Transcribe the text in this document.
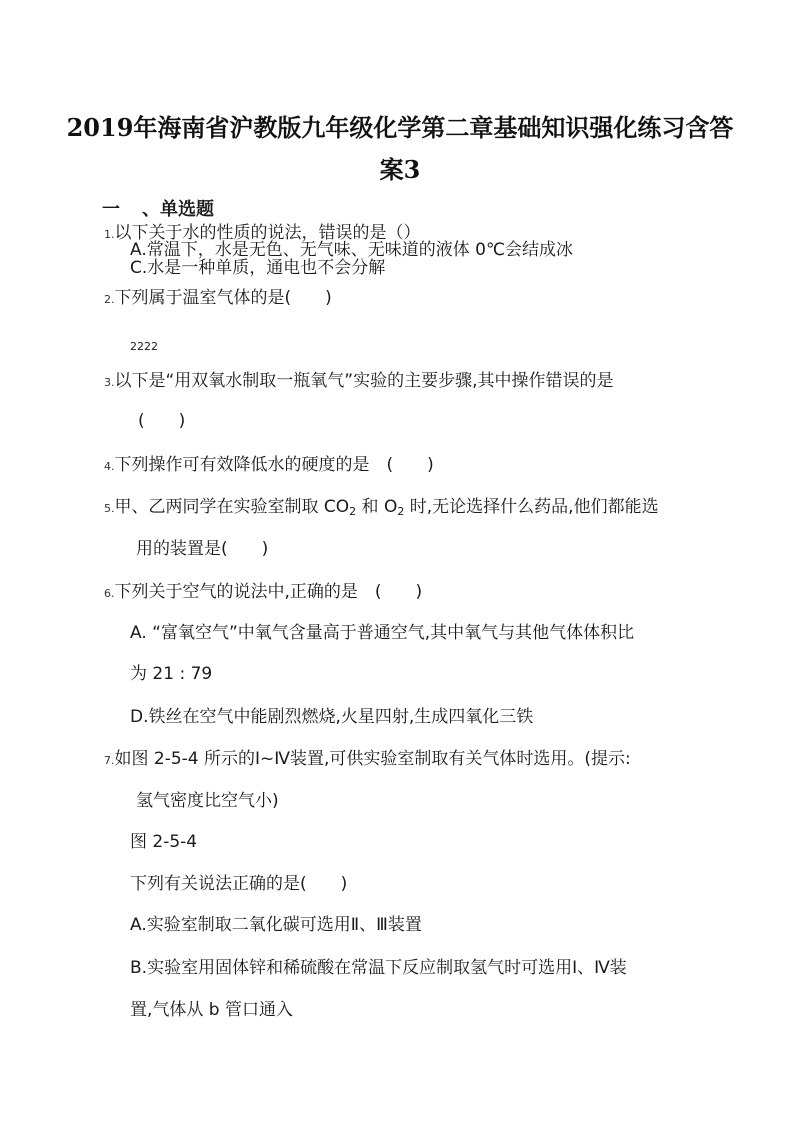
2019年海南省沪教版九年级化学第二章基础知识强化练习含答
案3
一 、单选题
1.以下关于水的性质的说法，错误的是（）
A.常温下，水是无色、无气味、无味道的液体 0℃会结成冰
C.水是一种单质，通电也不会分解
2.下列属于温室气体的是(　　)
2222
3.以下是“用双氧水制取一瓶氧气”实验的主要步骤,其中操作错误的是
(　　)
4.下列操作可有效降低水的硬度的是　(　　)
5.甲、乙两同学在实验室制取 $CO_2$ 和 $O_2$ 时,无论选择什么药品,他们都能选
用的装置是(　　)
6.下列关于空气的说法中,正确的是　(　　)
A. “富氧空气”中氧气含量高于普通空气,其中氧气与其他气体体积比
为 21 : 79
D.铁丝在空气中能剧烈燃烧,火星四射,生成四氧化三铁
7.如图 2-5-4 所示的Ⅰ~Ⅳ装置,可供实验室制取有关气体时选用。(提示:
氢气密度比空气小)
图 2-5-4
下列有关说法正确的是(　　)
A.实验室制取二氧化碳可选用Ⅱ、Ⅲ装置
B.实验室用固体锌和稀硫酸在常温下反应制取氢气时可选用Ⅰ、Ⅳ装
置,气体从 b 管口通入
